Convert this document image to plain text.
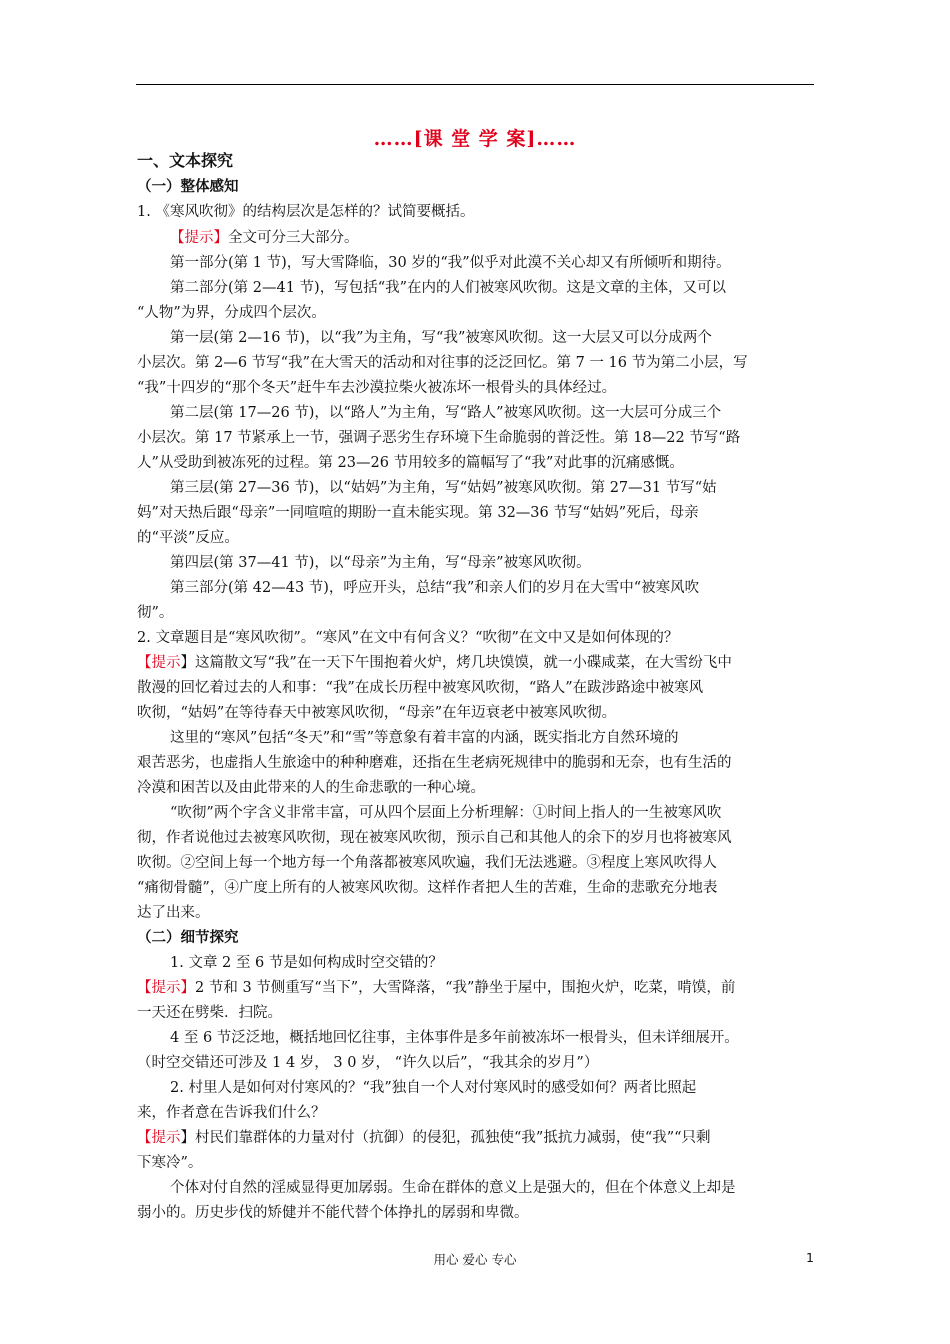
……[课 堂 学 案]……
一、文本探究
（一）整体感知
1. 《寒风吹彻》的结构层次是怎样的？试简要概括。
【提示】全文可分三大部分。
第一部分(第 1 节)，写大雪降临，30 岁的“我”似乎对此漠不关心却又有所倾听和期待。
第二部分(第 2—41 节)，写包括“我”在内的人们被寒风吹彻。这是文章的主体，又可以
“人物”为界，分成四个层次。
第一层(第 2—16 节)，以“我”为主角，写“我”被寒风吹彻。这一大层又可以分成两个
小层次。第 2—6 节写“我”在大雪天的活动和对往事的泛泛回忆。第 7 一 16 节为第二小层，写
“我”十四岁的“那个冬天”赶牛车去沙漠拉柴火被冻坏一根骨头的具体经过。
第二层(第 17—26 节)，以“路人”为主角，写“路人”被寒风吹彻。这一大层可分成三个
小层次。第 17 节紧承上一节，强调子恶劣生存环境下生命脆弱的普泛性。第 18—22 节写“路
人”从受助到被冻死的过程。第 23—26 节用较多的篇幅写了“我”对此事的沉痛感慨。
第三层(第 27—36 节)，以“姑妈”为主角，写“姑妈”被寒风吹彻。第 27—31 节写“姑
妈”对天热后跟“母亲”一同喧喧的期盼一直未能实现。第 32—36 节写“姑妈”死后，母亲
的“平淡”反应。
第四层(第 37—41 节)，以“母亲”为主角，写“母亲”被寒风吹彻。
第三部分(第 42—43 节)，呼应开头，总结“我”和亲人们的岁月在大雪中“被寒风吹
彻”。
2. 文章题目是“寒风吹彻”。“寒风”在文中有何含义？“吹彻”在文中又是如何体现的？
【提示】这篇散文写“我”在一天下午围抱着火炉，烤几块馍馍，就一小碟咸菜，在大雪纷飞中
散漫的回忆着过去的人和事：“我”在成长历程中被寒风吹彻，“路人”在跋涉路途中被寒风
吹彻，“姑妈”在等待春天中被寒风吹彻，“母亲”在年迈衰老中被寒风吹彻。
这里的“寒风”包括“冬天”和“雪”等意象有着丰富的内涵，既实指北方自然环境的
艰苦恶劣，也虚指人生旅途中的种种磨难，还指在生老病死规律中的脆弱和无奈，也有生活的
冷漠和困苦以及由此带来的人的生命悲歌的一种心境。
“吹彻”两个字含义非常丰富，可从四个层面上分析理解：①时间上指人的一生被寒风吹
彻，作者说他过去被寒风吹彻，现在被寒风吹彻，预示自己和其他人的余下的岁月也将被寒风
吹彻。②空间上每一个地方每一个角落都被寒风吹遍，我们无法逃避。③程度上寒风吹得人
“痛彻骨髓”，④广度上所有的人被寒风吹彻。这样作者把人生的苦难，生命的悲歌充分地表
达了出来。
（二）细节探究
1. 文章 2 至 6 节是如何构成时空交错的？
【提示】2 节和 3 节侧重写“当下”，大雪降落，“我”静坐于屋中，围抱火炉，吃菜，啃馍，前
一天还在劈柴．扫院。
4 至 6 节泛泛地，概括地回忆往事，主体事件是多年前被冻坏一根骨头，但未详细展开。
（时空交错还可涉及 1 4 岁， 3 0 岁， “许久以后”，“我其余的岁月”）
2. 村里人是如何对付寒风的？“我”独自一个人对付寒风时的感受如何？两者比照起
来，作者意在告诉我们什么？
【提示】村民们靠群体的力量对付（抗御）的侵犯，孤独使“我”抵抗力减弱，使“我”“只剩
下寒冷”。
个体对付自然的淫威显得更加孱弱。生命在群体的意义上是强大的，但在个体意义上却是
弱小的。历史步伐的矫健并不能代替个体挣扎的孱弱和卑微。
用心 爱心 专心	1
